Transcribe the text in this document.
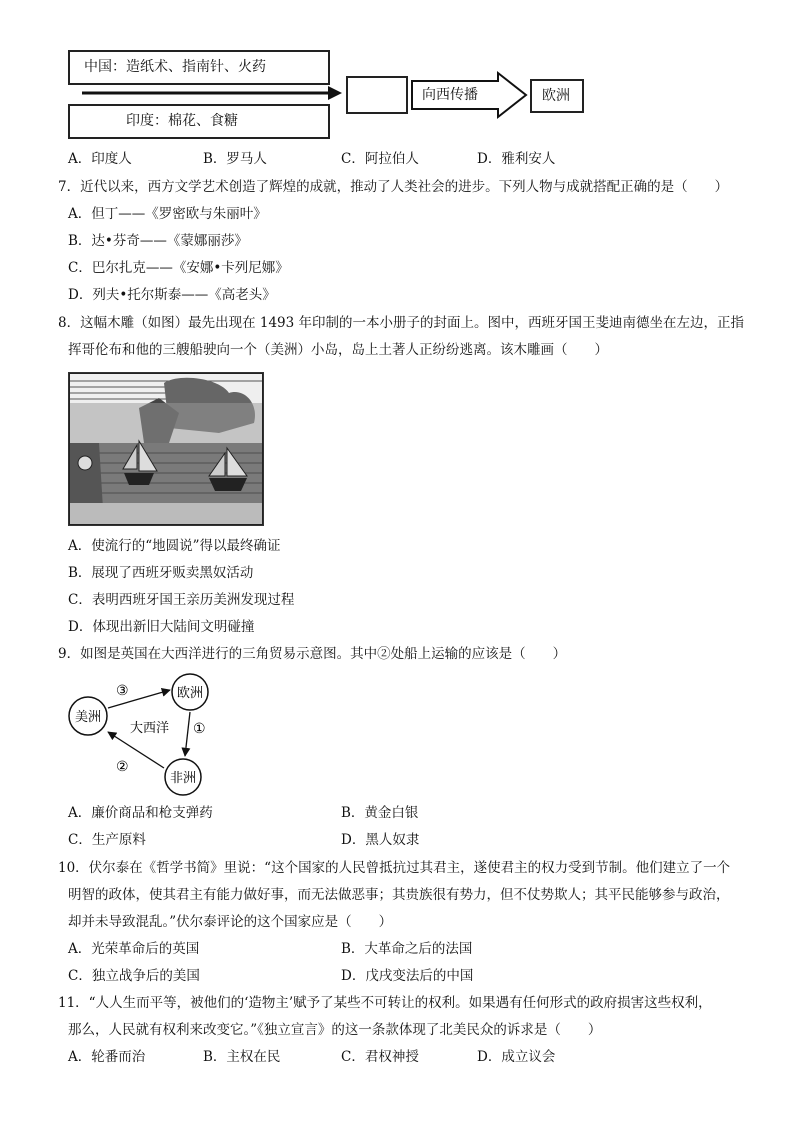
中国：造纸术、指南针、火药
印度：棉花、食糖
向西传播	欧洲
A．印度人	B．罗马人	C．阿拉伯人	D．雅利安人
7．近代以来，西方文学艺术创造了辉煌的成就，推动了人类社会的进步。下列人物与成就搭配正确的是（　　）
A．但丁——《罗密欧与朱丽叶》
B．达•芬奇——《蒙娜丽莎》
C．巴尔扎克——《安娜•卡列尼娜》
D．列夫•托尔斯泰——《高老头》
8．这幅木雕（如图）最先出现在 1493 年印制的一本小册子的封面上。图中，西班牙国王斐迪南德坐在左边，正指
挥哥伦布和他的三艘船驶向一个（美洲）小岛，岛上土著人正纷纷逃离。该木雕画（　　）
A．使流行的“地圆说”得以最终确证
B．展现了西班牙贩卖黑奴活动
C．表明西班牙国王亲历美洲发现过程
D．体现出新旧大陆间文明碰撞
9．如图是英国在大西洋进行的三角贸易示意图。其中②处船上运输的应该是（　　）
欧洲
美洲
非洲
大西洋 ①
②
③
A．廉价商品和枪支弹药	B．黄金白银
C．生产原料	D．黑人奴隶
10．伏尔泰在《哲学书简》里说：“这个国家的人民曾抵抗过其君主，遂使君主的权力受到节制。他们建立了一个
明智的政体，使其君主有能力做好事，而无法做恶事；其贵族很有势力，但不仗势欺人；其平民能够参与政治，
却并未导致混乱。”伏尔泰评论的这个国家应是（　　）
A．光荣革命后的英国	B．大革命之后的法国
C．独立战争后的美国	D．戊戌变法后的中国
11．“人人生而平等，被他们的‘造物主’赋予了某些不可转让的权利。如果遇有任何形式的政府损害这些权利，
那么，人民就有权利来改变它。”《独立宣言》的这一条款体现了北美民众的诉求是（　　）
A．轮番而治	B．主权在民	C．君权神授	D．成立议会
